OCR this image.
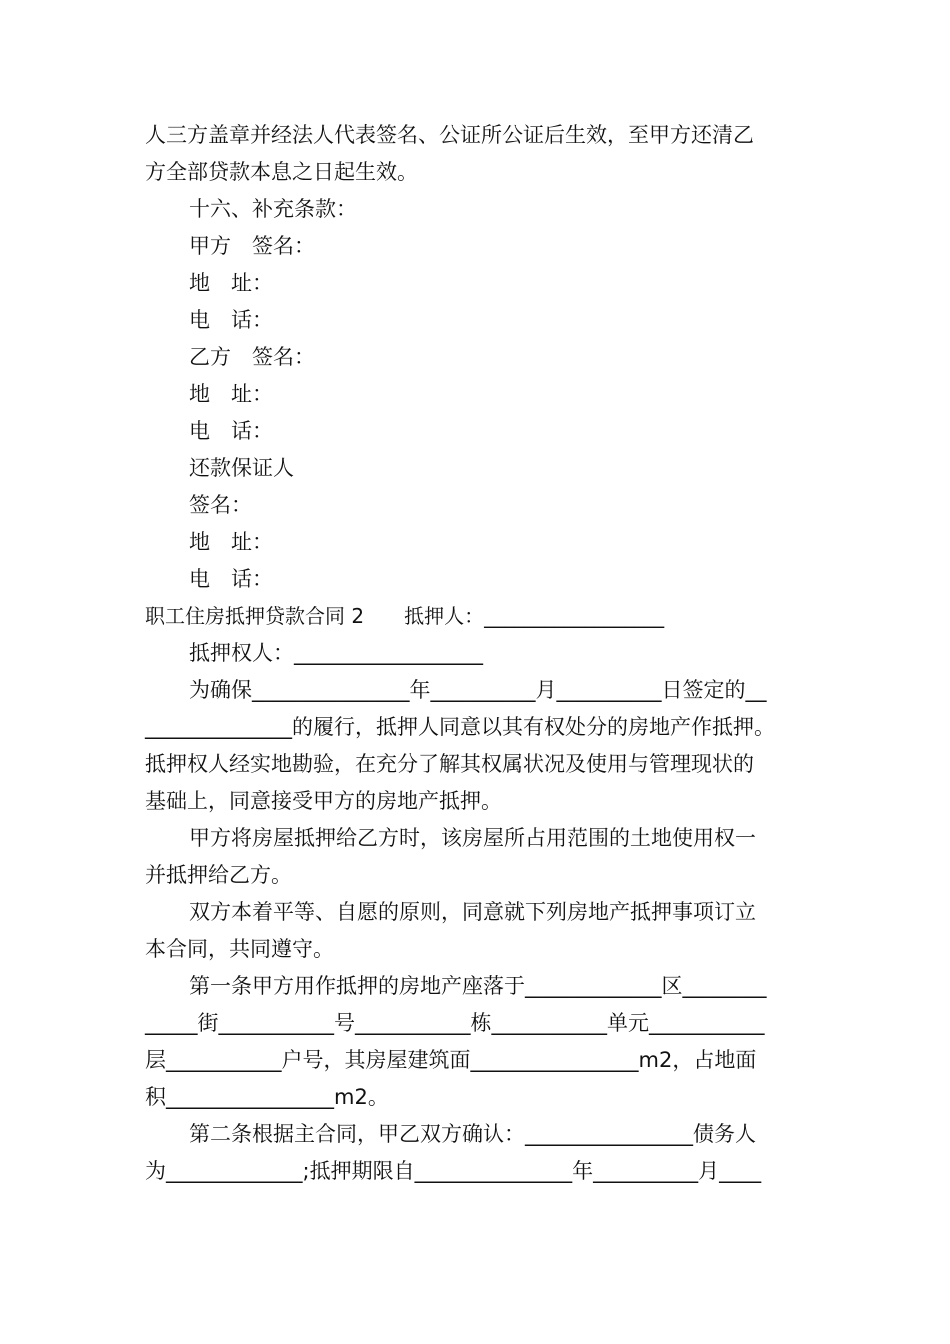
人三方盖章并经法人代表签名、公证所公证后生效，至甲方还清乙
方全部贷款本息之日起生效。
十六、补充条款：
甲方　签名：
地　址：
电　话：
乙方　签名：
地　址：
电　话：
还款保证人
签名：
地　址：
电　话：
职工住房抵押贷款合同 2　　抵押人：__________________
抵押权人：__________________
为确保_______________年__________月__________日签定的__
______________的履行，抵押人同意以其有权处分的房地产作抵押。
抵押权人经实地勘验，在充分了解其权属状况及使用与管理现状的
基础上，同意接受甲方的房地产抵押。
甲方将房屋抵押给乙方时，该房屋所占用范围的土地使用权一
并抵押给乙方。
双方本着平等、自愿的原则，同意就下列房地产抵押事项订立
本合同，共同遵守。
第一条甲方用作抵押的房地产座落于_____________区________
_____街___________号___________栋___________单元___________
层___________户号，其房屋建筑面________________m2，占地面
积________________m2。
第二条根据主合同，甲乙双方确认：________________债务人
为_____________;抵押期限自_______________年__________月____
